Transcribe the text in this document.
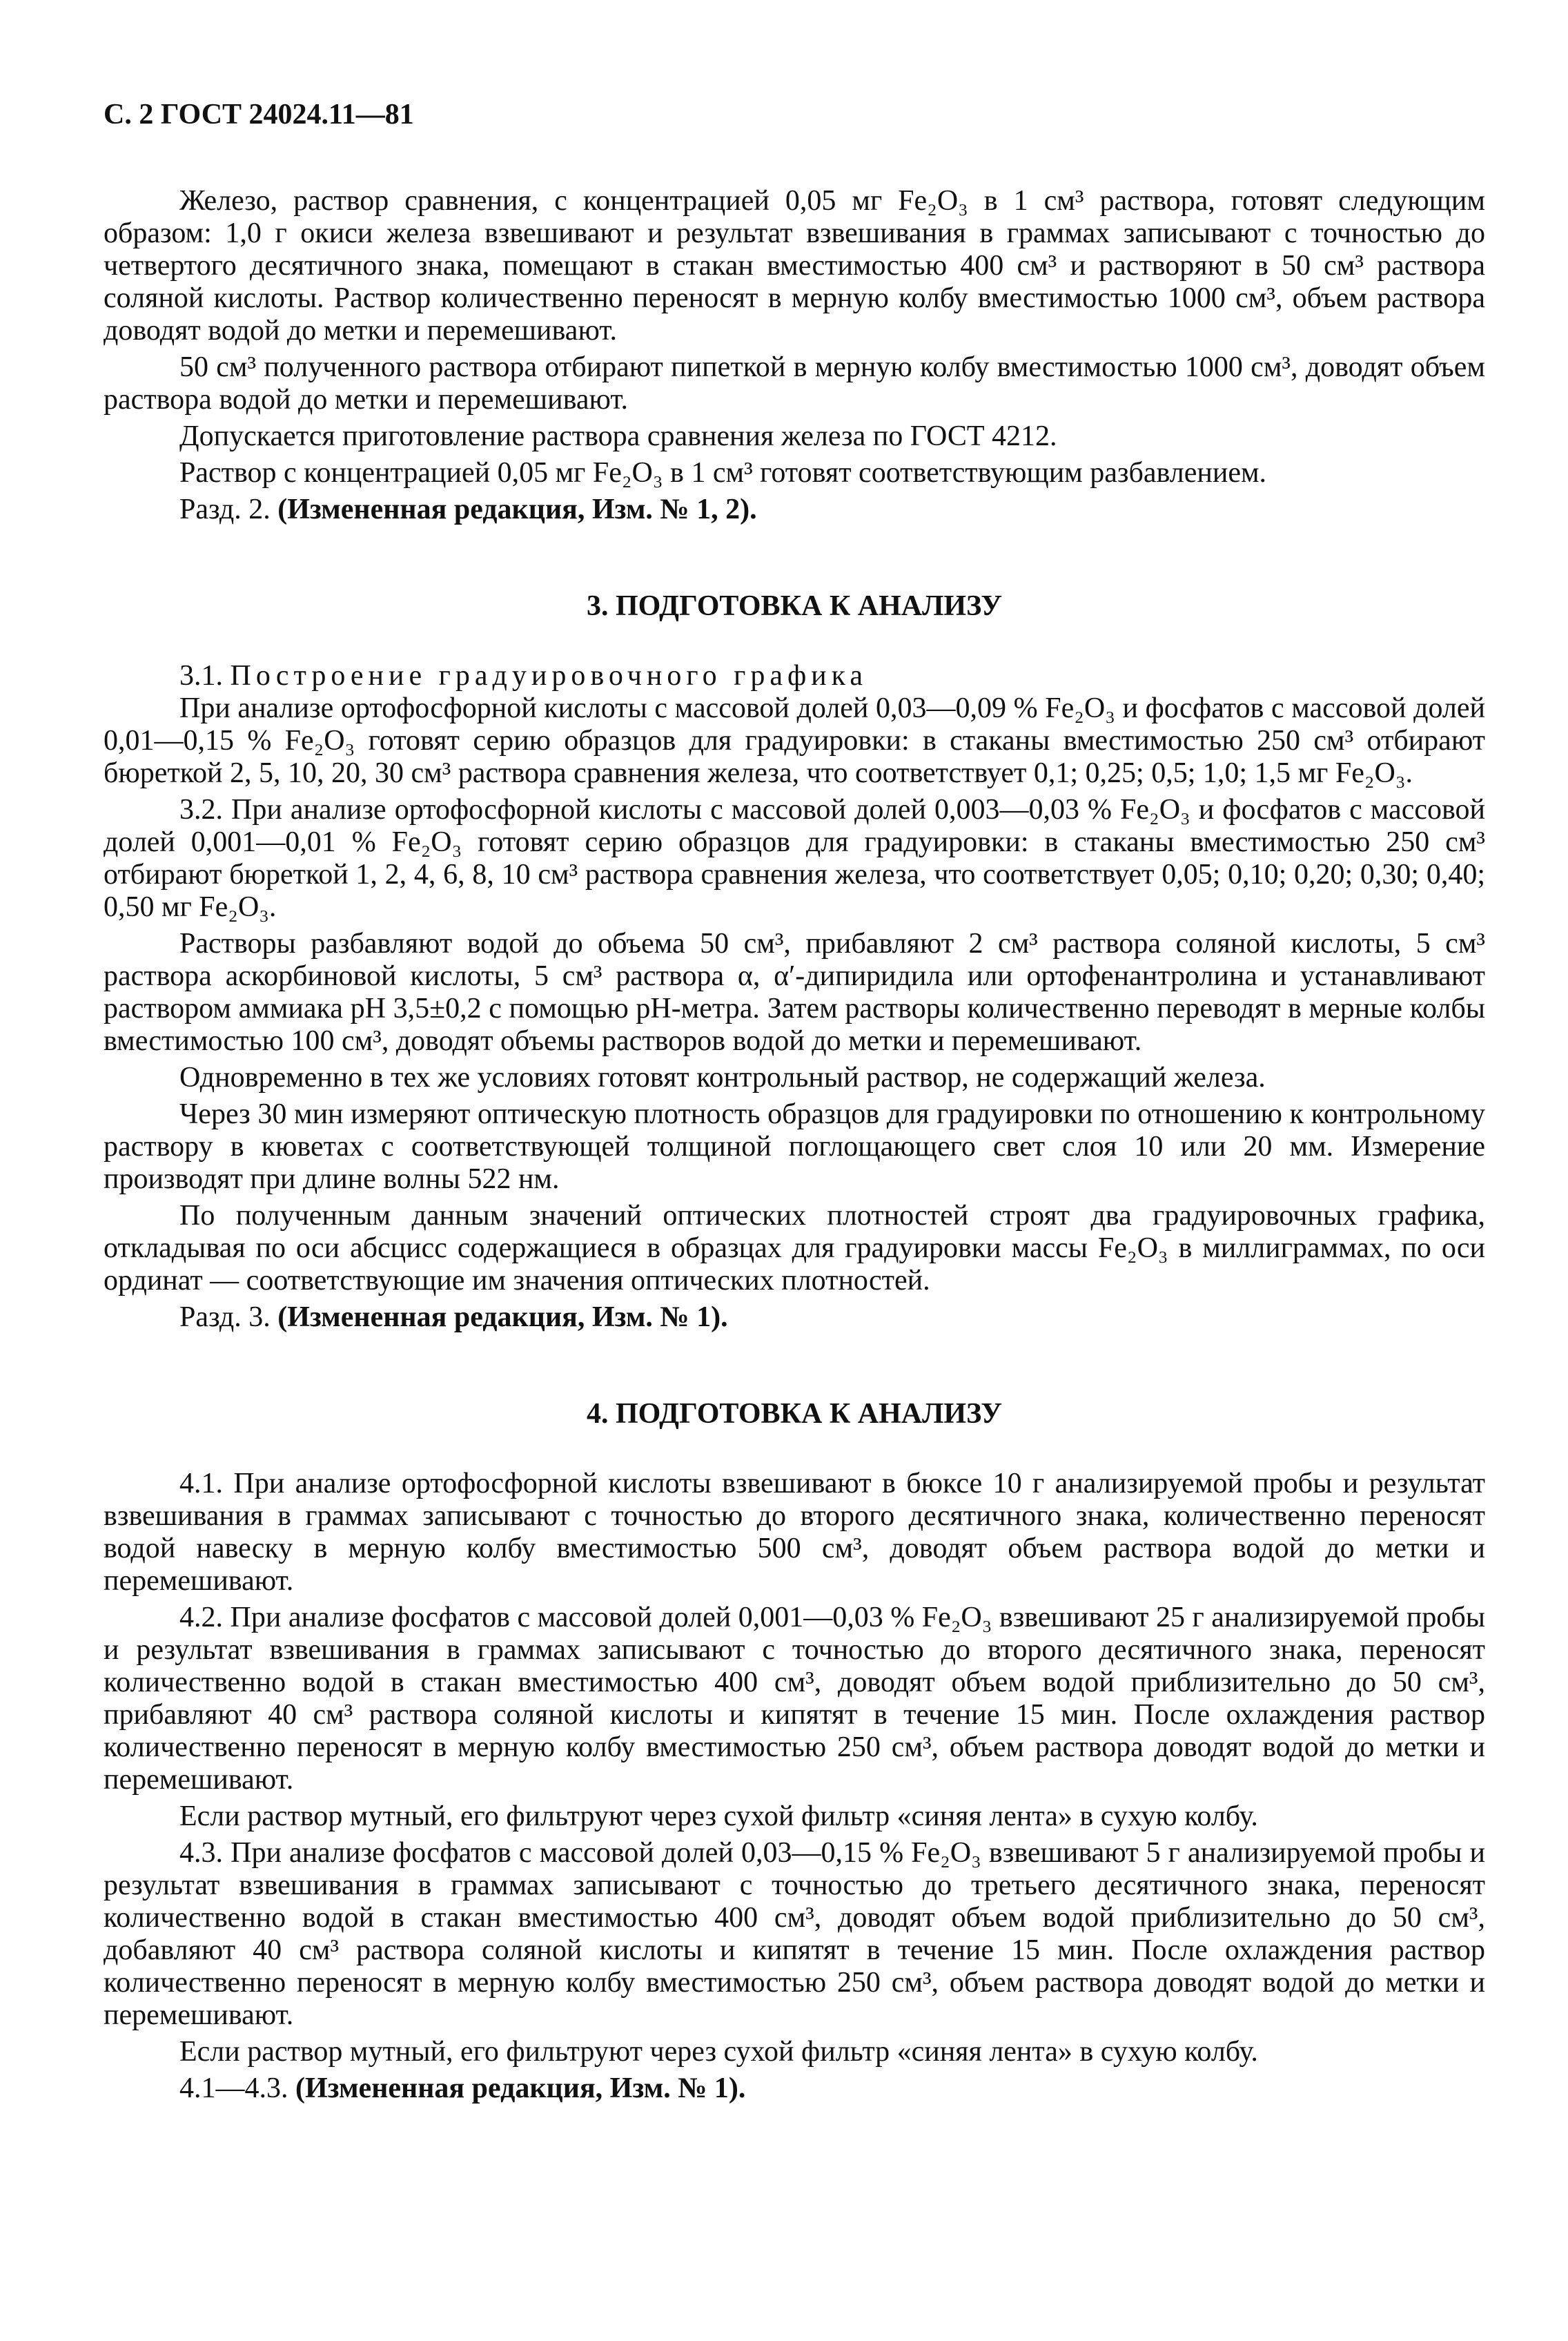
С. 2 ГОСТ 24024.11—81

Железо, раствор сравнения, с концентрацией 0,05 мг Fe₂O₃ в 1 см³ раствора, готовят следующим образом: 1,0 г окиси железа взвешивают и результат взвешивания в граммах записывают с точностью до четвертого десятичного знака, помещают в стакан вместимостью 400 см³ и растворяют в 50 см³ раствора соляной кислоты. Раствор количественно переносят в мерную колбу вместимостью 1000 см³, объем раствора доводят водой до метки и перемешивают.

50 см³ полученного раствора отбирают пипеткой в мерную колбу вместимостью 1000 см³, доводят объем раствора водой до метки и перемешивают.

Допускается приготовление раствора сравнения железа по ГОСТ 4212.

Раствор с концентрацией 0,05 мг Fe₂O₃ в 1 см³ готовят соответствующим разбавлением.

Разд. 2. (Измененная редакция, Изм. № 1, 2).

3. ПОДГОТОВКА К АНАЛИЗУ

3.1. Построение градуировочного графика

При анализе ортофосфорной кислоты с массовой долей 0,03—0,09 % Fe₂O₃ и фосфатов с массовой долей 0,01—0,15 % Fe₂O₃ готовят серию образцов для градуировки: в стаканы вместимостью 250 см³ отбирают бюреткой 2, 5, 10, 20, 30 см³ раствора сравнения железа, что соответствует 0,1; 0,25; 0,5; 1,0; 1,5 мг Fe₂O₃.

3.2. При анализе ортофосфорной кислоты с массовой долей 0,003—0,03 % Fe₂O₃ и фосфатов с массовой долей 0,001—0,01 % Fe₂O₃ готовят серию образцов для градуировки: в стаканы вместимостью 250 см³ отбирают бюреткой 1, 2, 4, 6, 8, 10 см³ раствора сравнения железа, что соответствует 0,05; 0,10; 0,20; 0,30; 0,40; 0,50 мг Fe₂O₃.

Растворы разбавляют водой до объема 50 см³, прибавляют 2 см³ раствора соляной кислоты, 5 см³ раствора аскорбиновой кислоты, 5 см³ раствора α, α′-дипиридила или ортофенантролина и устанавливают раствором аммиака pH 3,5±0,2 с помощью pH-метра. Затем растворы количественно переводят в мерные колбы вместимостью 100 см³, доводят объемы растворов водой до метки и перемешивают.

Одновременно в тех же условиях готовят контрольный раствор, не содержащий железа.

Через 30 мин измеряют оптическую плотность образцов для градуировки по отношению к контрольному раствору в кюветах с соответствующей толщиной поглощающего свет слоя 10 или 20 мм. Измерение производят при длине волны 522 нм.

По полученным данным значений оптических плотностей строят два градуировочных графика, откладывая по оси абсцисс содержащиеся в образцах для градуировки массы Fe₂O₃ в миллиграммах, по оси ординат — соответствующие им значения оптических плотностей.

Разд. 3. (Измененная редакция, Изм. № 1).

4. ПОДГОТОВКА К АНАЛИЗУ

4.1. При анализе ортофосфорной кислоты взвешивают в бюксе 10 г анализируемой пробы и результат взвешивания в граммах записывают с точностью до второго десятичного знака, количественно переносят водой навеску в мерную колбу вместимостью 500 см³, доводят объем раствора водой до метки и перемешивают.

4.2. При анализе фосфатов с массовой долей 0,001—0,03 % Fe₂O₃ взвешивают 25 г анализируемой пробы и результат взвешивания в граммах записывают с точностью до второго десятичного знака, переносят количественно водой в стакан вместимостью 400 см³, доводят объем водой приблизительно до 50 см³, прибавляют 40 см³ раствора соляной кислоты и кипятят в течение 15 мин. После охлаждения раствор количественно переносят в мерную колбу вместимостью 250 см³, объем раствора доводят водой до метки и перемешивают.

Если раствор мутный, его фильтруют через сухой фильтр «синяя лента» в сухую колбу.

4.3. При анализе фосфатов с массовой долей 0,03—0,15 % Fe₂O₃ взвешивают 5 г анализируемой пробы и результат взвешивания в граммах записывают с точностью до третьего десятичного знака, переносят количественно водой в стакан вместимостью 400 см³, доводят объем водой приблизительно до 50 см³, добавляют 40 см³ раствора соляной кислоты и кипятят в течение 15 мин. После охлаждения раствор количественно переносят в мерную колбу вместимостью 250 см³, объем раствора доводят водой до метки и перемешивают.

Если раствор мутный, его фильтруют через сухой фильтр «синяя лента» в сухую колбу.

4.1—4.3. (Измененная редакция, Изм. № 1).
